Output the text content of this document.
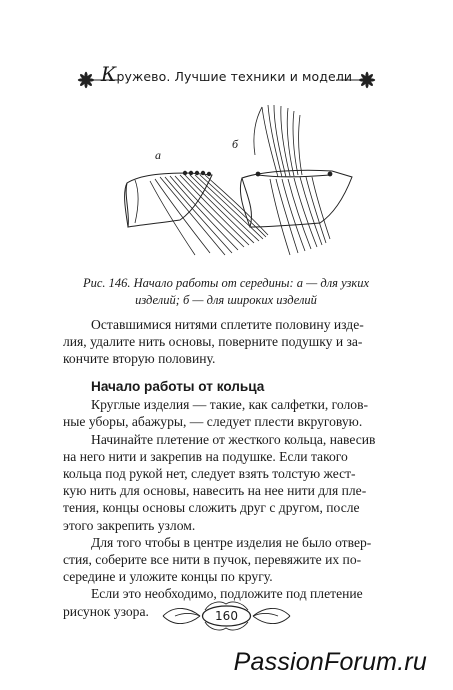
Кружево. Лучшие техники и модели
а
б
Рис. 146. Начало работы от середины: а — для узких
изделий; б — для широких изделий
Оставшимися нитями сплетите половину изде-
лия, удалите нить основы, поверните подушку и за-
кончите вторую половину.
Начало работы от кольца
Круглые изделия — такие, как салфетки, голов-
ные уборы, абажуры, — следует плести вкруговую.
Начинайте плетение от жесткого кольца, навесив
на него нити и закрепив на подушке. Если такого
кольца под рукой нет, следует взять толстую жест-
кую нить для основы, навесить на нее нити для пле-
тения, концы основы сложить друг с другом, после
этого закрепить узлом.
Для того чтобы в центре изделия не было отвер-
стия, соберите все нити в пучок, перевяжите их по-
середине и уложите концы по кругу.
Если это необходимо, подложите под плетение
рисунок узора.	160
PassionForum.ru
